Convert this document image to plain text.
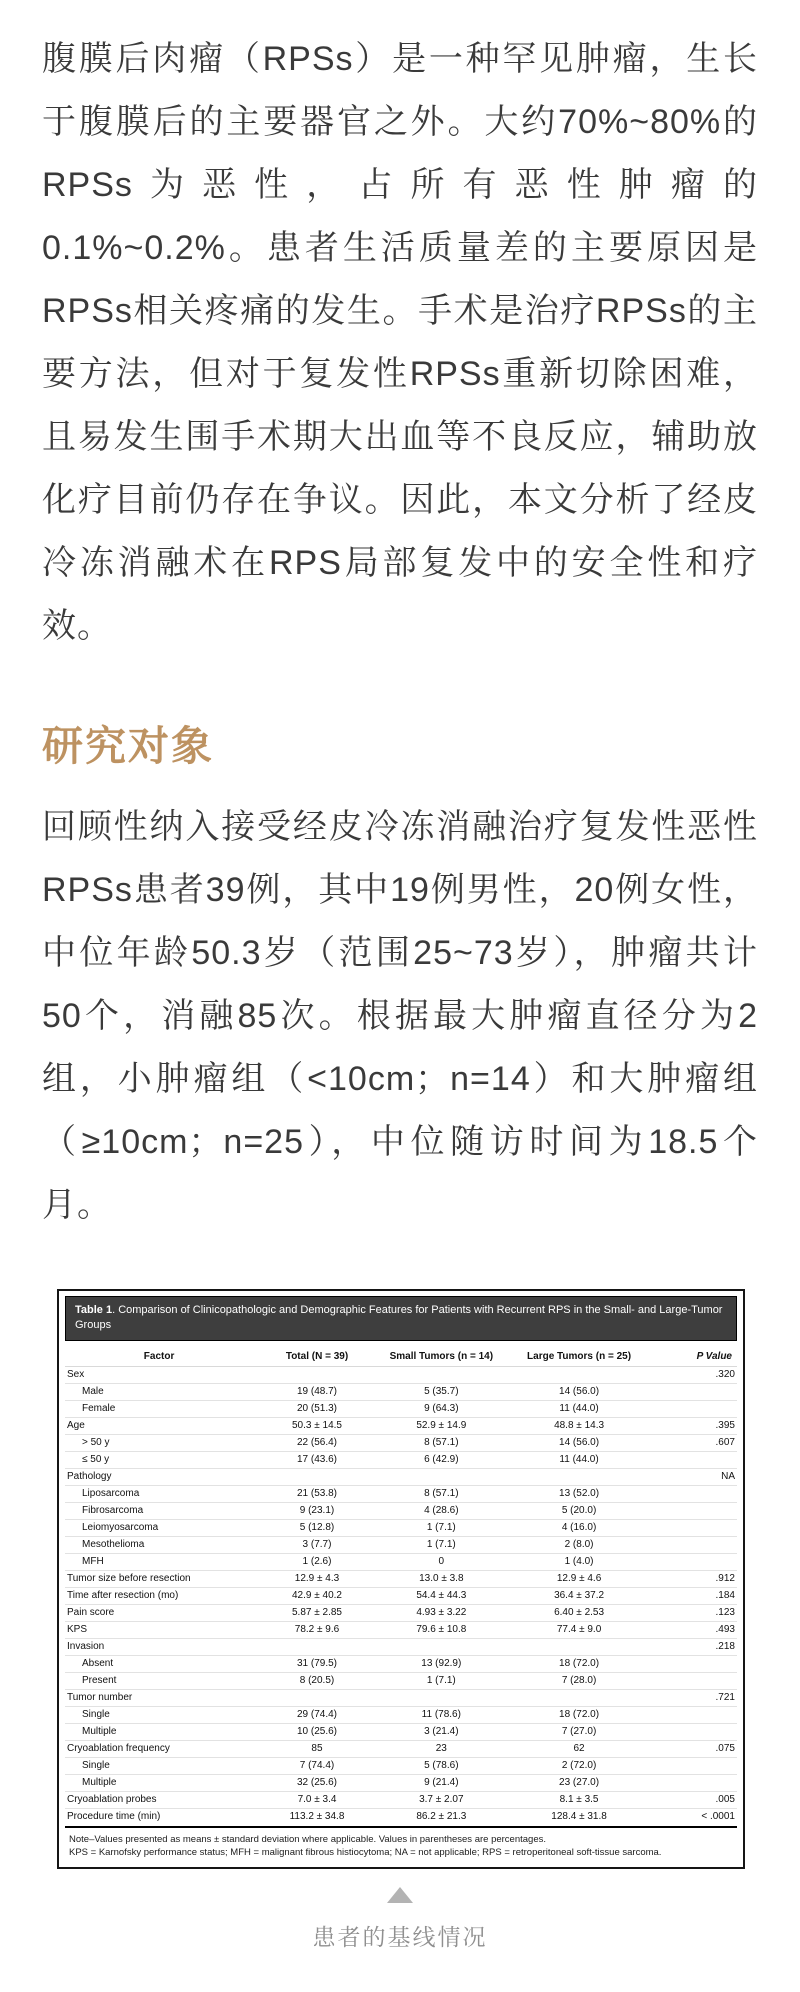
腹膜后肉瘤（RPSs）是一种罕见肿瘤，生长于腹膜后的主要器官之外。大约70%~80%的RPSs为恶性，占所有恶性肿瘤的0.1%~0.2%。患者生活质量差的主要原因是RPSs相关疼痛的发生。手术是治疗RPSs的主要方法，但对于复发性RPSs重新切除困难，且易发生围手术期大出血等不良反应，辅助放化疗目前仍存在争议。因此，本文分析了经皮冷冻消融术在RPS局部复发中的安全性和疗效。

研究对象

回顾性纳入接受经皮冷冻消融治疗复发性恶性RPSs患者39例，其中19例男性，20例女性，中位年龄50.3岁（范围25~73岁），肿瘤共计50个，消融85次。根据最大肿瘤直径分为2组，小肿瘤组（<10cm；n=14）和大肿瘤组（≥10cm；n=25），中位随访时间为18.5个月。

Table 1. Comparison of Clinicopathologic and Demographic Features for Patients with Recurrent RPS in the Small- and Large-Tumor Groups
Factor	Total (N = 39)	Small Tumors (n = 14)	Large Tumors (n = 25)	P Value
Sex				.320
Male	19 (48.7)	5 (35.7)	14 (56.0)	
Female	20 (51.3)	9 (64.3)	11 (44.0)	
Age	50.3 ± 14.5	52.9 ± 14.9	48.8 ± 14.3	.395
> 50 y	22 (56.4)	8 (57.1)	14 (56.0)	.607
≤ 50 y	17 (43.6)	6 (42.9)	11 (44.0)	
Pathology				NA
Liposarcoma	21 (53.8)	8 (57.1)	13 (52.0)	
Fibrosarcoma	9 (23.1)	4 (28.6)	5 (20.0)	
Leiomyosarcoma	5 (12.8)	1 (7.1)	4 (16.0)	
Mesothelioma	3 (7.7)	1 (7.1)	2 (8.0)	
MFH	1 (2.6)	0	1 (4.0)	
Tumor size before resection	12.9 ± 4.3	13.0 ± 3.8	12.9 ± 4.6	.912
Time after resection (mo)	42.9 ± 40.2	54.4 ± 44.3	36.4 ± 37.2	.184
Pain score	5.87 ± 2.85	4.93 ± 3.22	6.40 ± 2.53	.123
KPS	78.2 ± 9.6	79.6 ± 10.8	77.4 ± 9.0	.493
Invasion				.218
Absent	31 (79.5)	13 (92.9)	18 (72.0)	
Present	8 (20.5)	1 (7.1)	7 (28.0)	
Tumor number				.721
Single	29 (74.4)	11 (78.6)	18 (72.0)	
Multiple	10 (25.6)	3 (21.4)	7 (27.0)	
Cryoablation frequency	85	23	62	.075
Single	7 (74.4)	5 (78.6)	2 (72.0)	
Multiple	32 (25.6)	9 (21.4)	23 (27.0)	
Cryoablation probes	7.0 ± 3.4	3.7 ± 2.07	8.1 ± 3.5	.005
Procedure time (min)	113.2 ± 34.8	86.2 ± 21.3	128.4 ± 31.8	< .0001
Note–Values presented as means ± standard deviation where applicable. Values in parentheses are percentages.
KPS = Karnofsky performance status; MFH = malignant fibrous histiocytoma; NA = not applicable; RPS = retroperitoneal soft-tissue sarcoma.
患者的基线情况
